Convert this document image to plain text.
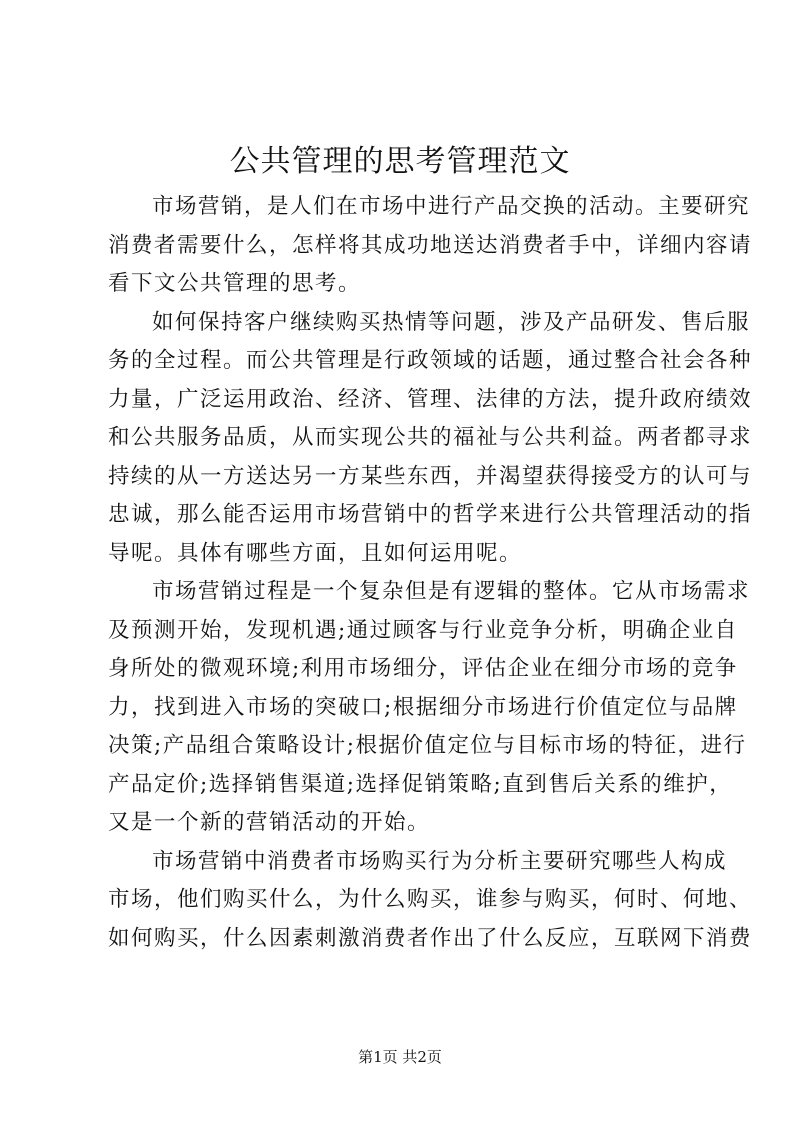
公共管理的思考管理范文
市场营销，是人们在市场中进行产品交换的活动。主要研究
消费者需要什么，怎样将其成功地送达消费者手中，详细内容请
看下文公共管理的思考。
如何保持客户继续购买热情等问题，涉及产品研发、售后服
务的全过程。而公共管理是行政领域的话题，通过整合社会各种
力量，广泛运用政治、经济、管理、法律的方法，提升政府绩效
和公共服务品质，从而实现公共的福祉与公共利益。两者都寻求
持续的从一方送达另一方某些东西，并渴望获得接受方的认可与
忠诚，那么能否运用市场营销中的哲学来进行公共管理活动的指
导呢。具体有哪些方面，且如何运用呢。
市场营销过程是一个复杂但是有逻辑的整体。它从市场需求
及预测开始，发现机遇;通过顾客与行业竞争分析，明确企业自
身所处的微观环境;利用市场细分，评估企业在细分市场的竞争
力，找到进入市场的突破口;根据细分市场进行价值定位与品牌
决策;产品组合策略设计;根据价值定位与目标市场的特征，进行
产品定价;选择销售渠道;选择促销策略;直到售后关系的维护，
又是一个新的营销活动的开始。
市场营销中消费者市场购买行为分析主要研究哪些人构成
市场，他们购买什么，为什么购买，谁参与购买，何时、何地、
如何购买，什么因素刺激消费者作出了什么反应，互联网下消费
第1页 共2页
